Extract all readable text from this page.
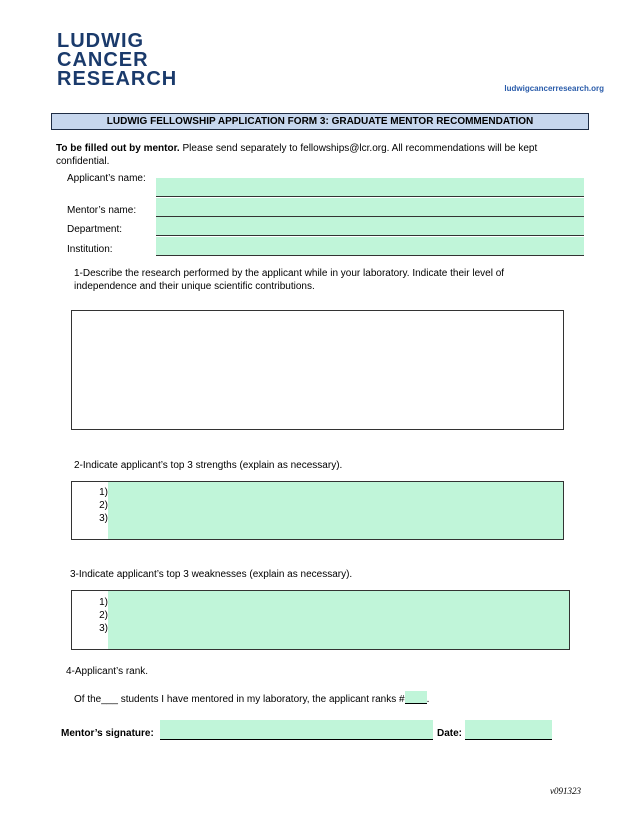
LUDWIG
CANCER
RESEARCH	ludwigcancerresearch.org
LUDWIG FELLOWSHIP APPLICATION FORM 3: GRADUATE MENTOR RECOMMENDATION
To be filled out by mentor. Please send separately to fellowships@lcr.org. All recommendations will be kept confidential.
Applicant’s name:
Mentor’s name:
Department:
Institution:
1-Describe the research performed by the applicant while in your laboratory. Indicate their level of independence and their unique scientific contributions.
2-Indicate applicant’s top 3 strengths (explain as necessary).
1)
2)
3)
3-Indicate applicant’s top 3 weaknesses (explain as necessary).
1)
2)
3)
4-Applicant’s rank.
Of the___ students I have mentored in my laboratory, the applicant ranks # .
Mentor’s signature:	Date:
v091323
